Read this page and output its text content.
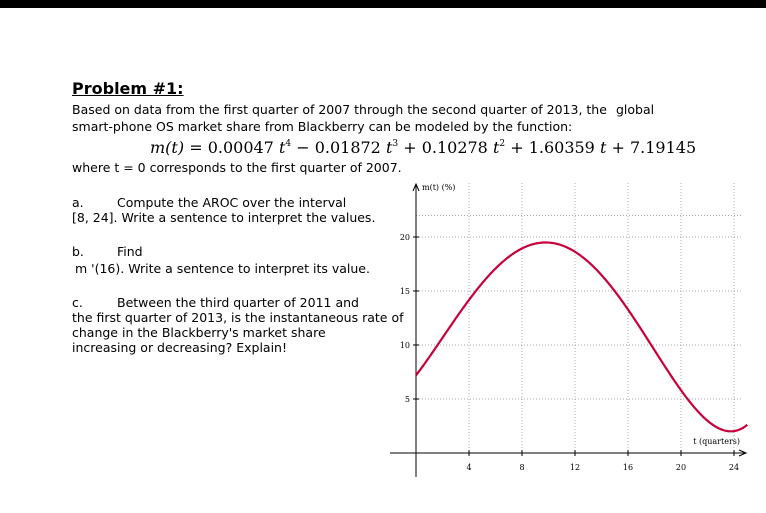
Problem #1:
Based on data from the first quarter of 2007 through the second quarter of 2013, the global
smart-phone OS market share from Blackberry can be modeled by the function:
m(t) = 0.00047 $t^4 - 0.01872$ $t^3 + 0.10278$ $t^2 + 1.60359$ t + 7.19145
where t = 0 corresponds to the first quarter of 2007.
a.	Compute the AROC over the interval
[8, 24]. Write a sentence to interpret the values.
b.	Find
m '(16). Write a sentence to interpret its value.
c.	Between the third quarter of 2011 and
the first quarter of 2013, is the instantaneous rate of
change in the Blackberry's market share
increasing or decreasing? Explain!
4	8	12	16	20	24
5
10
15
20
m(t) (%)
t (quarters)
